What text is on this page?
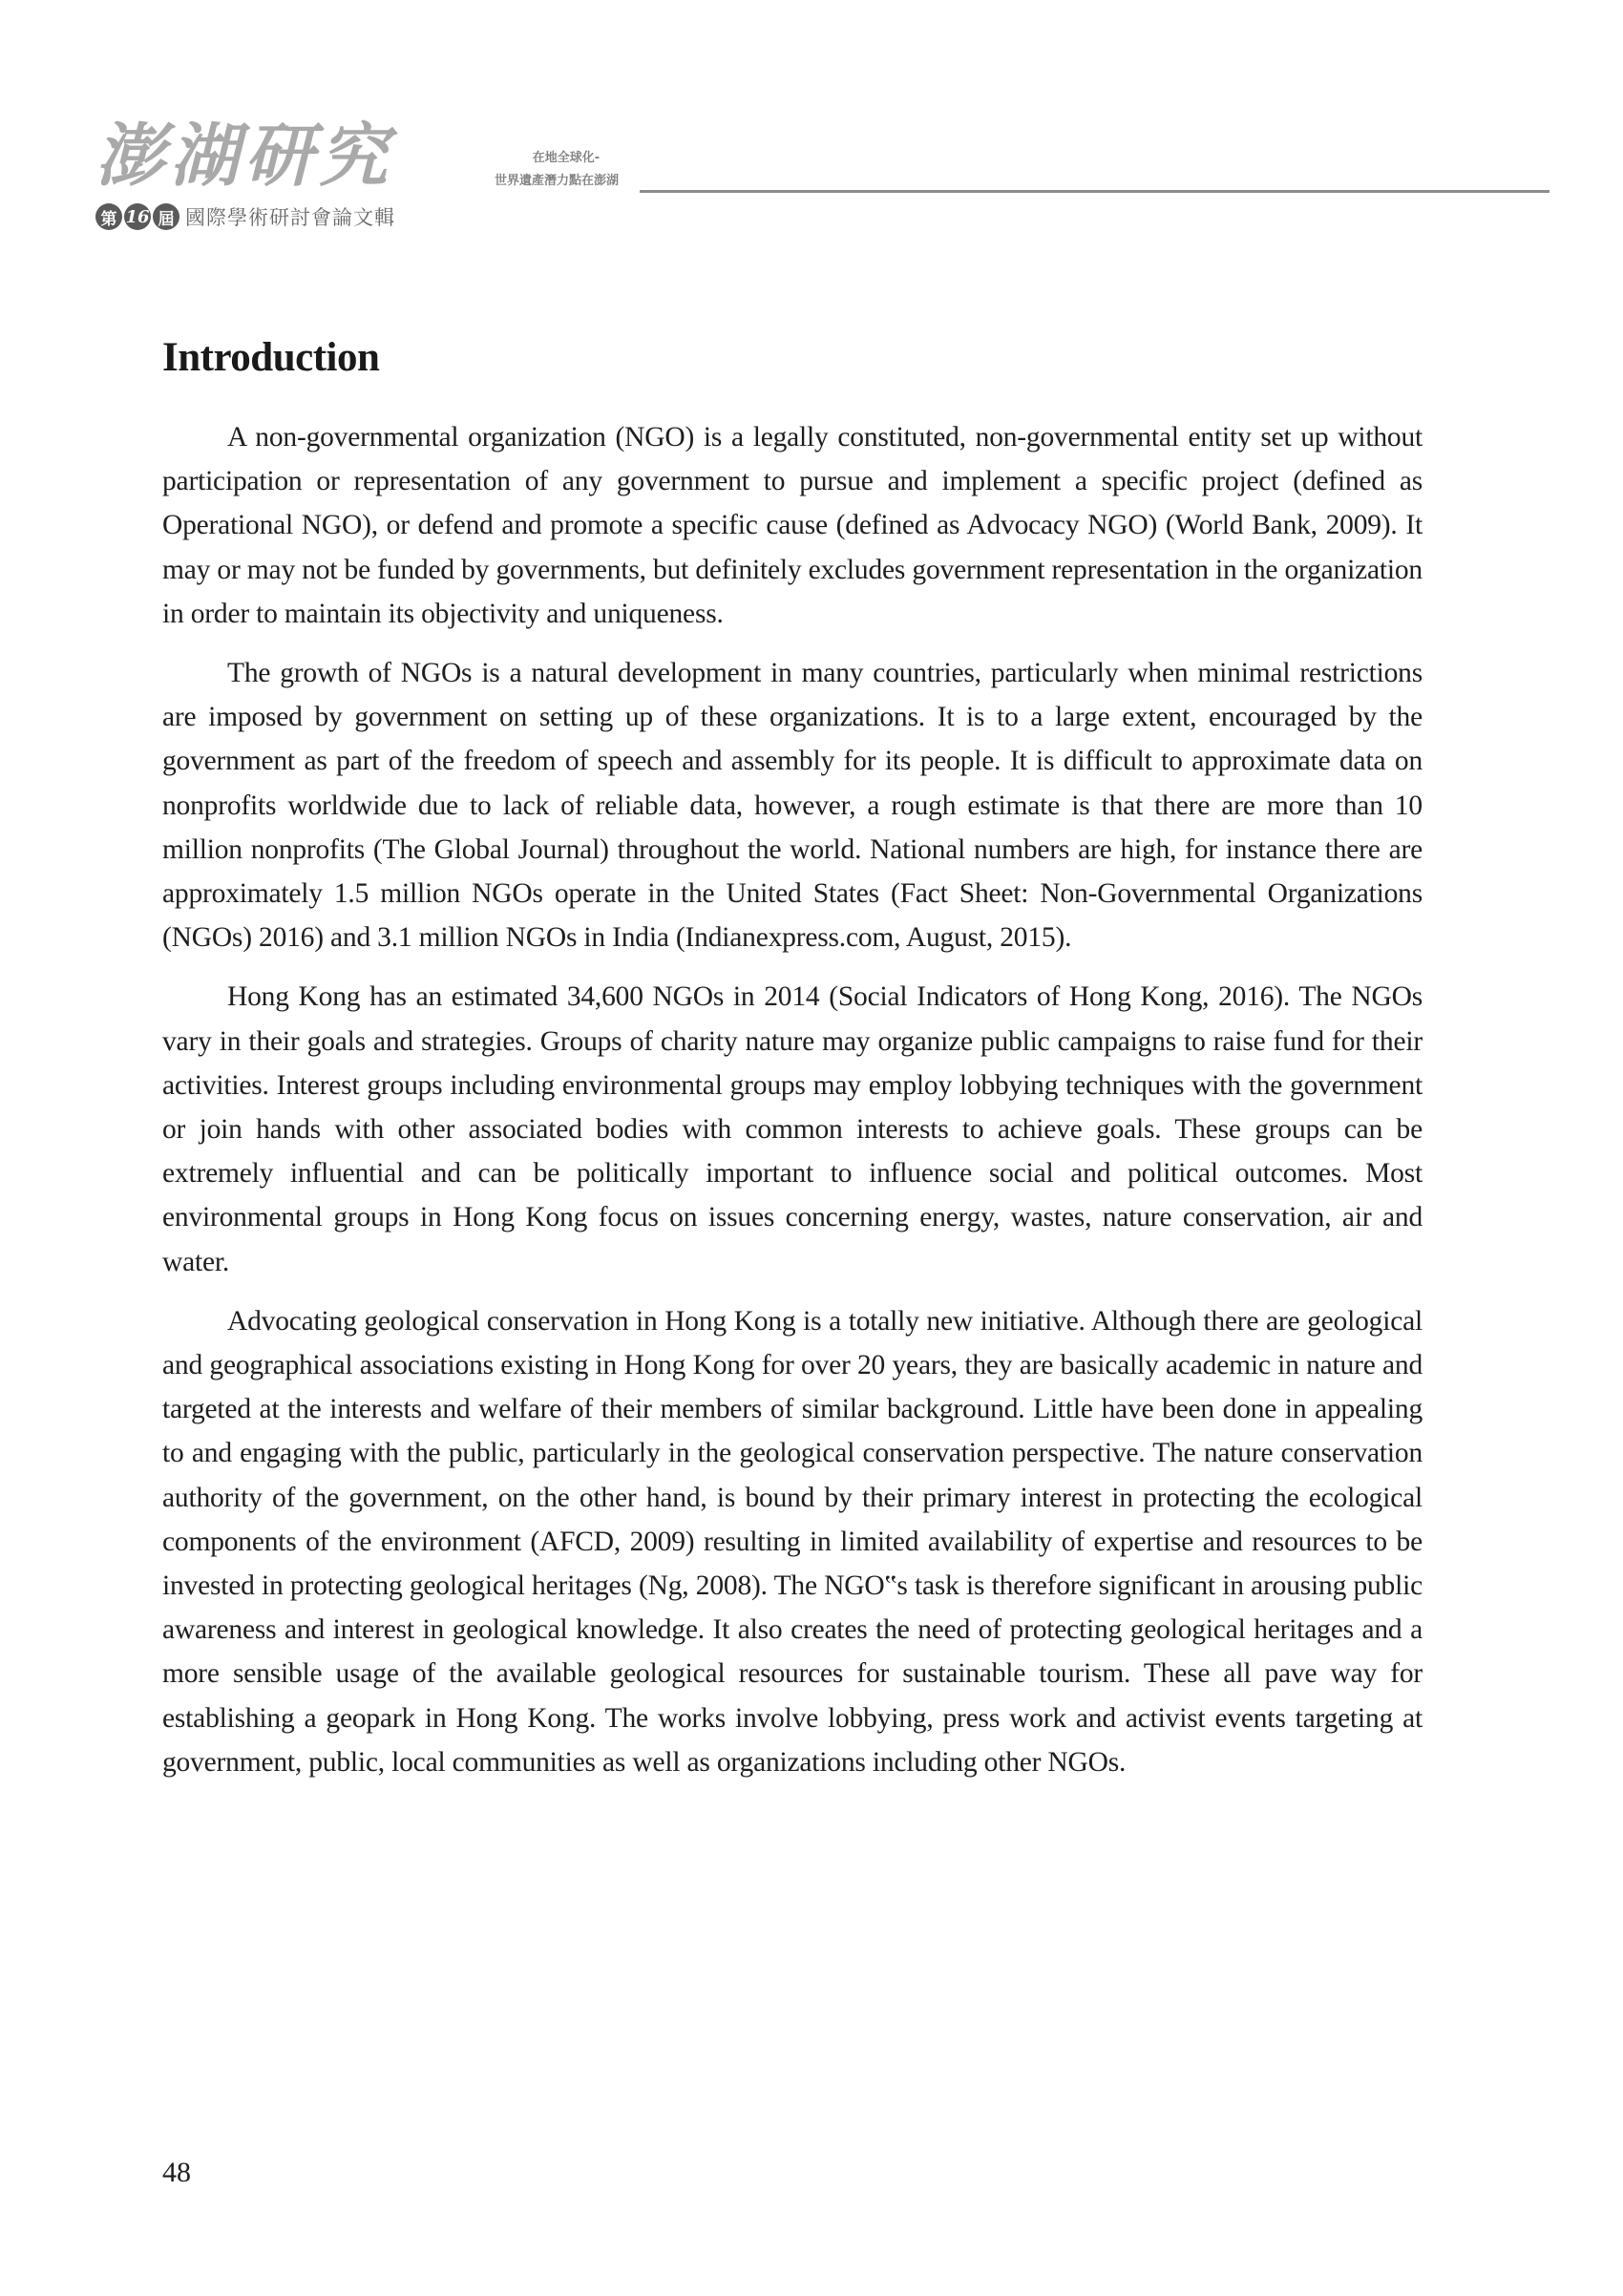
澎湖研究
第 16 屆 國際學術研討會論文輯
在地全球化-
世界遺產潛力點在澎湖
Introduction

A non-governmental organization (NGO) is a legally constituted, non-governmental entity set up without participation or representation of any government to pursue and implement a specific project (defined as Operational NGO), or defend and promote a specific cause (defined as Advocacy NGO) (World Bank, 2009). It may or may not be funded by governments, but definitely excludes government representation in the organization in order to maintain its objectivity and uniqueness.

The growth of NGOs is a natural development in many countries, particularly when minimal restrictions are imposed by government on setting up of these organizations. It is to a large extent, encouraged by the government as part of the freedom of speech and assembly for its people. It is difficult to approximate data on nonprofits worldwide due to lack of reliable data, however, a rough estimate is that there are more than 10 million nonprofits (The Global Journal) throughout the world. National numbers are high, for instance there are approximately 1.5 million NGOs operate in the United States (Fact Sheet: Non-Governmental Organizations (NGOs) 2016) and 3.1 million NGOs in India (Indianexpress.com, August, 2015).

Hong Kong has an estimated 34,600 NGOs in 2014 (Social Indicators of Hong Kong, 2016). The NGOs vary in their goals and strategies. Groups of charity nature may organize public campaigns to raise fund for their activities. Interest groups including environmental groups may employ lobbying techniques with the government or join hands with other associated bodies with common interests to achieve goals. These groups can be extremely influential and can be politically important to influence social and political outcomes. Most environmental groups in Hong Kong focus on issues concerning energy, wastes, nature conservation, air and water.

Advocating geological conservation in Hong Kong is a totally new initiative. Although there are geological and geographical associations existing in Hong Kong for over 20 years, they are basically academic in nature and targeted at the interests and welfare of their members of similar background. Little have been done in appealing to and engaging with the public, particularly in the geological conservation perspective. The nature conservation authority of the government, on the other hand, is bound by their primary interest in protecting the ecological components of the environment (AFCD, 2009) resulting in limited availability of expertise and resources to be invested in protecting geological heritages (Ng, 2008). The NGO‟s task is therefore significant in arousing public awareness and interest in geological knowledge. It also creates the need of protecting geological heritages and a more sensible usage of the available geological resources for sustainable tourism. These all pave way for establishing a geopark in Hong Kong. The works involve lobbying, press work and activist events targeting at government, public, local communities as well as organizations including other NGOs.

48
